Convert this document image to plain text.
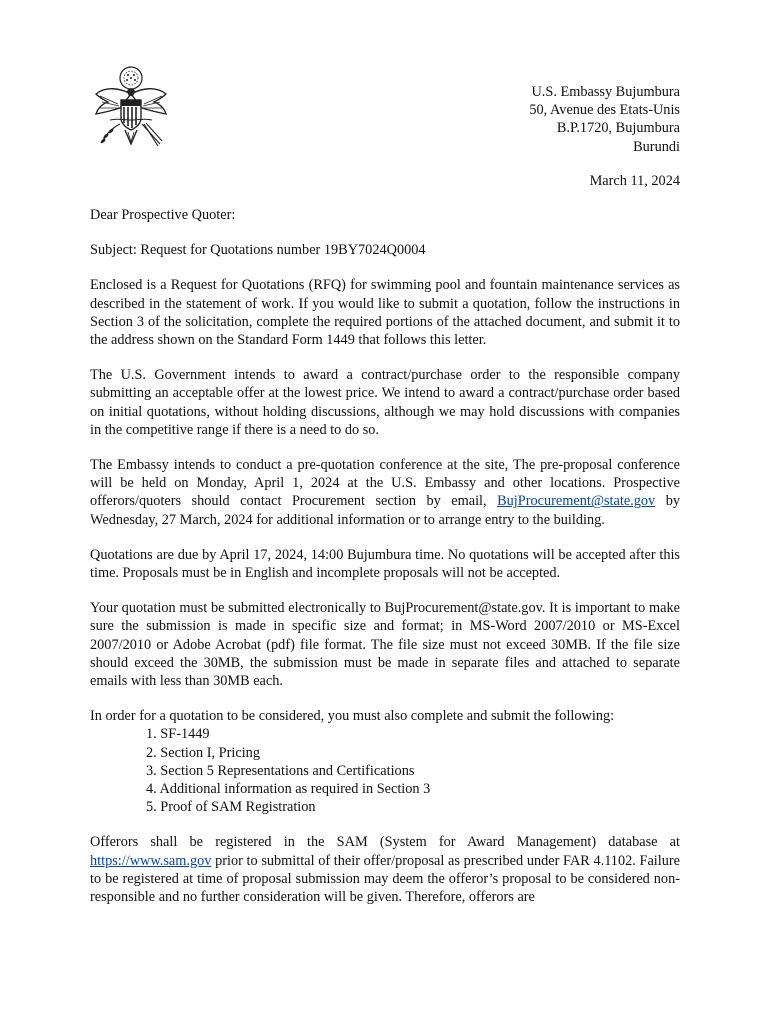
U.S. Embassy Bujumbura
50, Avenue des Etats-Unis
B.P.1720, Bujumbura
Burundi
March 11, 2024

Dear Prospective Quoter:

Subject: Request for Quotations number 19BY7024Q0004

Enclosed is a Request for Quotations (RFQ) for swimming pool and fountain maintenance services as described in the statement of work. If you would like to submit a quotation, follow the instructions in Section 3 of the solicitation, complete the required portions of the attached document, and submit it to the address shown on the Standard Form 1449 that follows this letter.

The U.S. Government intends to award a contract/purchase order to the responsible company submitting an acceptable offer at the lowest price. We intend to award a contract/purchase order based on initial quotations, without holding discussions, although we may hold discussions with companies in the competitive range if there is a need to do so.

The Embassy intends to conduct a pre-quotation conference at the site, The pre-proposal conference will be held on Monday, April 1, 2024 at the U.S. Embassy and other locations. Prospective offerors/quoters should contact Procurement section by email, BujProcurement@state.gov by Wednesday, 27 March, 2024 for additional information or to arrange entry to the building.

Quotations are due by April 17, 2024, 14:00 Bujumbura time. No quotations will be accepted after this time. Proposals must be in English and incomplete proposals will not be accepted.

Your quotation must be submitted electronically to BujProcurement@state.gov. It is important to make sure the submission is made in specific size and format; in MS-Word 2007/2010 or MS-Excel 2007/2010 or Adobe Acrobat (pdf) file format. The file size must not exceed 30MB. If the file size should exceed the 30MB, the submission must be made in separate files and attached to separate emails with less than 30MB each.

In order for a quotation to be considered, you must also complete and submit the following:

1. SF-1449
2. Section I, Pricing
3. Section 5 Representations and Certifications
4. Additional information as required in Section 3
5. Proof of SAM Registration

Offerors shall be registered in the SAM (System for Award Management) database at https://www.sam.gov prior to submittal of their offer/proposal as prescribed under FAR 4.1102. Failure to be registered at time of proposal submission may deem the offeror’s proposal to be considered non-responsible and no further consideration will be given. Therefore, offerors are
